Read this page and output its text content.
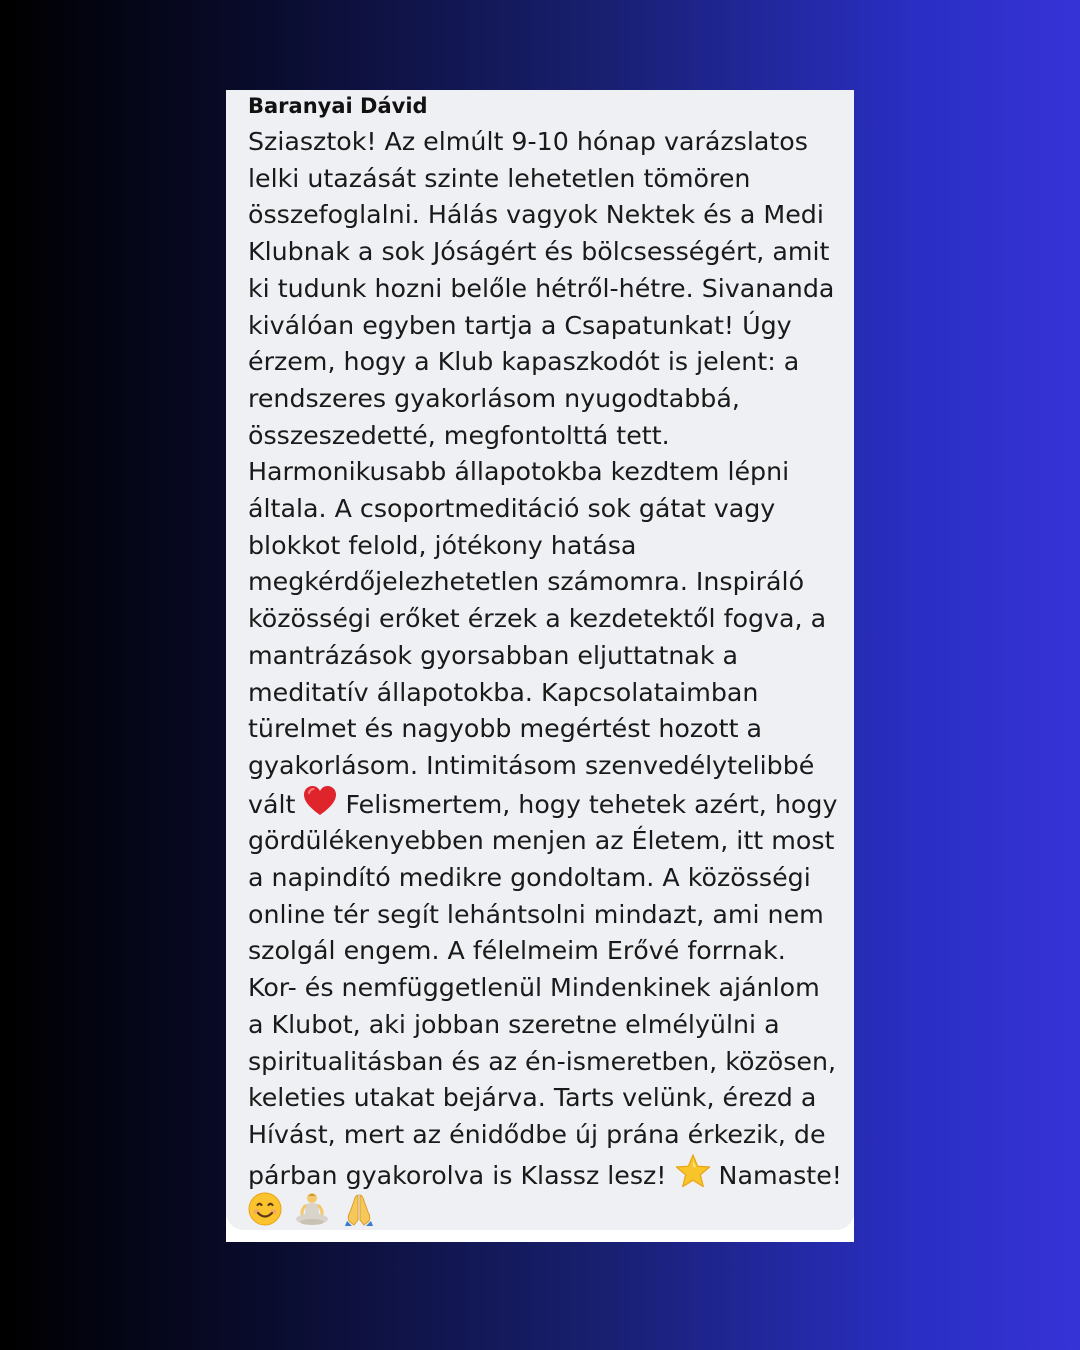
Baranyai Dávid
Sziasztok! Az elmúlt 9-10 hónap varázslatos
lelki utazását szinte lehetetlen tömören
összefoglalni. Hálás vagyok Nektek és a Medi
Klubnak a sok Jóságért és bölcsességért, amit
ki tudunk hozni belőle hétről-hétre. Sivananda
kiválóan egyben tartja a Csapatunkat! Úgy
érzem, hogy a Klub kapaszkodót is jelent: a
rendszeres gyakorlásom nyugodtabbá,
összeszedetté, megfontolttá tett.
Harmonikusabb állapotokba kezdtem lépni
általa. A csoportmeditáció sok gátat vagy
blokkot felold, jótékony hatása
megkérdőjelezhetetlen számomra. Inspiráló
közösségi erőket érzek a kezdetektől fogva, a
mantrázások gyorsabban eljuttatnak a
meditatív állapotokba. Kapcsolataimban
türelmet és nagyobb megértést hozott a
gyakorlásom. Intimitásom szenvedélytelibbé
vált Felismertem, hogy tehetek azért, hogy
gördülékenyebben menjen az Életem, itt most
a napindító medikre gondoltam. A közösségi
online tér segít lehántsolni mindazt, ami nem
szolgál engem. A félelmeim Erővé forrnak.
Kor- és nemfüggetlenül Mindenkinek ajánlom
a Klubot, aki jobban szeretne elmélyülni a
spiritualitásban és az én-ismeretben, közösen,
keleties utakat bejárva. Tarts velünk, érezd a
Hívást, mert az énidődbe új prána érkezik, de
párban gyakorolva is Klassz lesz! Namaste!
